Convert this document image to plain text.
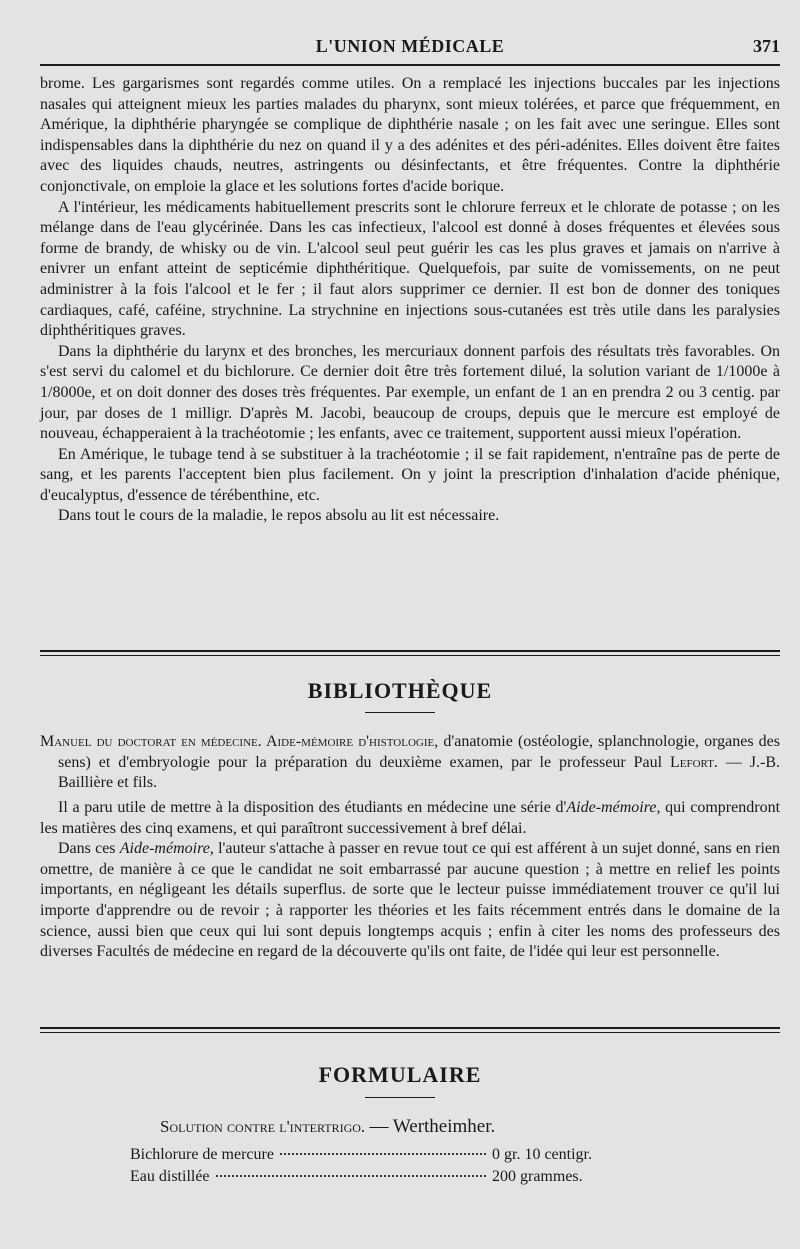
L'UNION MÉDICALE	371

brome. Les gargarismes sont regardés comme utiles. On a remplacé les injections buccales par les injections nasales qui atteignent mieux les parties malades du pharynx, sont mieux tolérées, et parce que fréquemment, en Amérique, la diphthérie pharyngée se complique de diphthérie nasale ; on les fait avec une seringue. Elles sont indispensables dans la diphthérie du nez on quand il y a des adénites et des péri-adénites. Elles doivent être faites avec des liquides chauds, neutres, astringents ou désinfectants, et être fréquentes. Contre la diphthérie conjonctivale, on emploie la glace et les solutions fortes d'acide borique.

A l'intérieur, les médicaments habituellement prescrits sont le chlorure ferreux et le chlorate de potasse ; on les mélange dans de l'eau glycérinée. Dans les cas infectieux, l'alcool est donné à doses fréquentes et élevées sous forme de brandy, de whisky ou de vin. L'alcool seul peut guérir les cas les plus graves et jamais on n'arrive à enivrer un enfant atteint de septicémie diphthéritique. Quelquefois, par suite de vomissements, on ne peut administrer à la fois l'alcool et le fer ; il faut alors supprimer ce dernier. Il est bon de donner des toniques cardiaques, café, caféine, strychnine. La strychnine en injections sous-cutanées est très utile dans les paralysies diphthéritiques graves.

Dans la diphthérie du larynx et des bronches, les mercuriaux donnent parfois des résultats très favorables. On s'est servi du calomel et du bichlorure. Ce dernier doit être très fortement dilué, la solution variant de 1/1000e à 1/8000e, et on doit donner des doses très fréquentes. Par exemple, un enfant de 1 an en prendra 2 ou 3 centig. par jour, par doses de 1 milligr. D'après M. Jacobi, beaucoup de croups, depuis que le mercure est employé de nouveau, échapperaient à la trachéotomie ; les enfants, avec ce traitement, supportent aussi mieux l'opération.

En Amérique, le tubage tend à se substituer à la trachéotomie ; il se fait rapidement, n'entraîne pas de perte de sang, et les parents l'acceptent bien plus facilement. On y joint la prescription d'inhalation d'acide phénique, d'eucalyptus, d'essence de térébenthine, etc.

Dans tout le cours de la maladie, le repos absolu au lit est nécessaire.

BIBLIOTHÈQUE
Manuel du doctorat en médecine. Aide-mémoire d'histologie, d'anatomie (ostéologie, splanchnologie, organes des sens) et d'embryologie pour la préparation du deuxième examen, par le professeur Paul Lefort. — J.-B. Baillière et fils.

Il a paru utile de mettre à la disposition des étudiants en médecine une série d'Aide-mémoire, qui comprendront les matières des cinq examens, et qui paraîtront successivement à bref délai.

Dans ces Aide-mémoire, l'auteur s'attache à passer en revue tout ce qui est afférent à un sujet donné, sans en rien omettre, de manière à ce que le candidat ne soit embarrassé par aucune question ; à mettre en relief les points importants, en négligeant les détails superflus. de sorte que le lecteur puisse immédiatement trouver ce qu'il lui importe d'apprendre ou de revoir ; à rapporter les théories et les faits récemment entrés dans le domaine de la science, aussi bien que ceux qui lui sont depuis longtemps acquis ; enfin à citer les noms des professeurs des diverses Facultés de médecine en regard de la découverte qu'ils ont faite, de l'idée qui leur est personnelle.

FORMULAIRE
Solution contre l'intertrigo. — Wertheimher.
Bichlorure de mercure	0 gr. 10 centigr.
Eau distillée	200 grammes.
